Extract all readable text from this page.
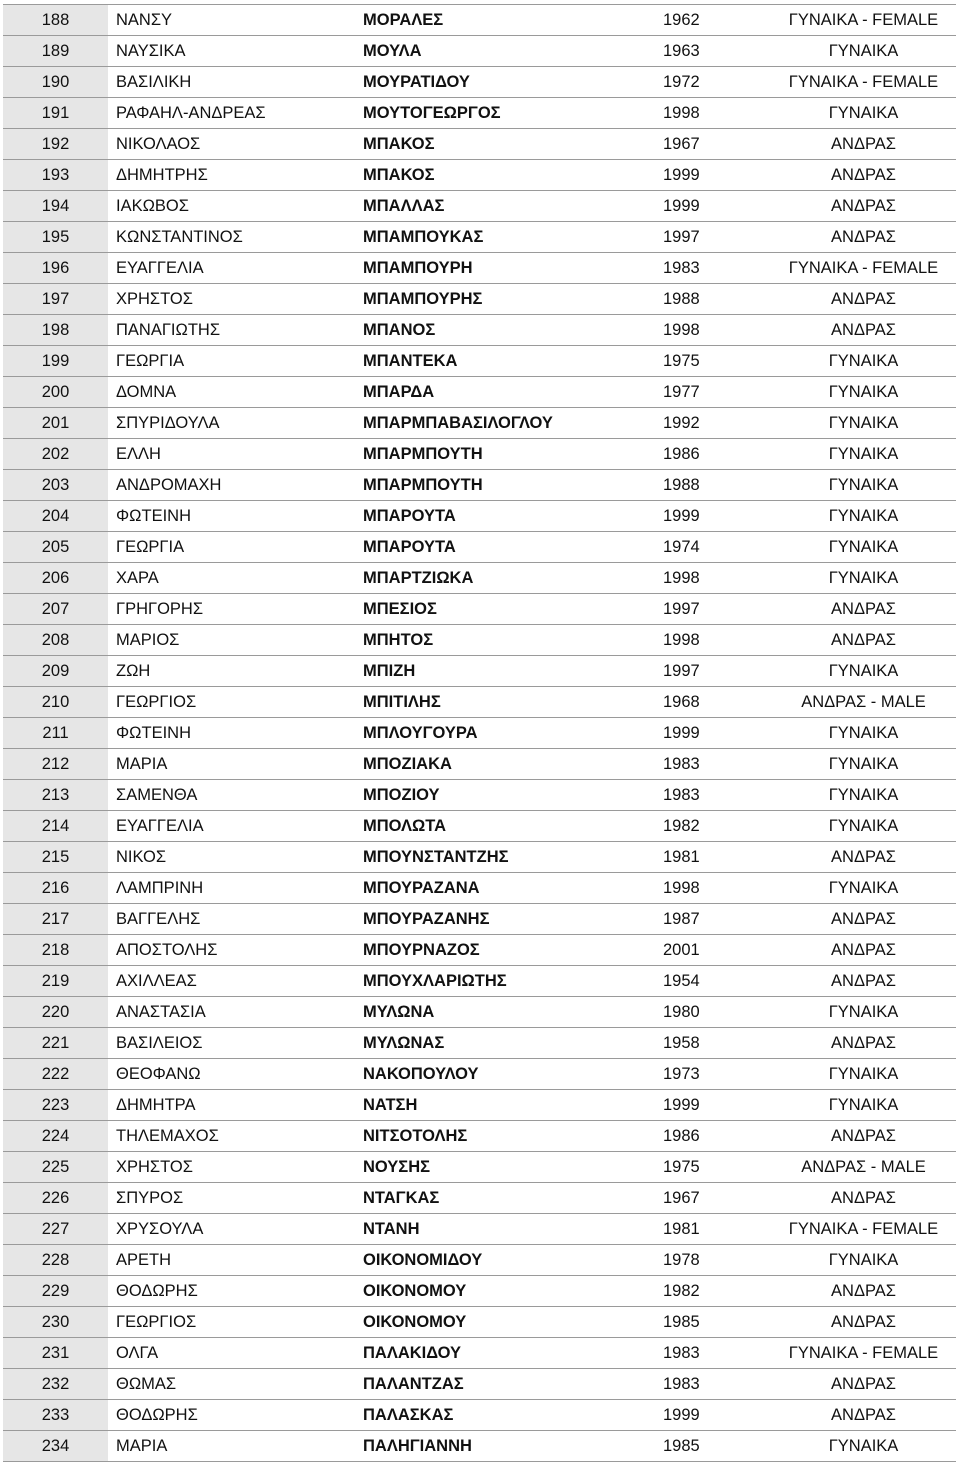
188	ΝΑΝΣΥ	ΜΟΡΑΛΕΣ	1962	ΓΥΝΑΙΚΑ - FEMALE
189	ΝΑΥΣΙΚΑ	ΜΟΥΛΑ	1963	ΓΥΝΑΙΚΑ
190	ΒΑΣΙΛΙΚΗ	ΜΟΥΡΑΤΙΔΟΥ	1972	ΓΥΝΑΙΚΑ - FEMALE
191	ΡΑΦΑΗΛ-ΑΝΔΡΕΑΣ	ΜΟΥΤΟΓΕΩΡΓΟΣ	1998	ΓΥΝΑΙΚΑ
192	ΝΙΚΟΛΑΟΣ	ΜΠΑΚΟΣ	1967	ΑΝΔΡΑΣ
193	ΔΗΜΗΤΡΗΣ	ΜΠΑΚΟΣ	1999	ΑΝΔΡΑΣ
194	ΙΑΚΩΒΟΣ	ΜΠΑΛΛΑΣ	1999	ΑΝΔΡΑΣ
195	ΚΩΝΣΤΑΝΤΙΝΟΣ	ΜΠΑΜΠΟΥΚΑΣ	1997	ΑΝΔΡΑΣ
196	ΕΥΑΓΓΕΛΙΑ	ΜΠΑΜΠΟΥΡΗ	1983	ΓΥΝΑΙΚΑ - FEMALE
197	ΧΡΗΣΤΟΣ	ΜΠΑΜΠΟΥΡΗΣ	1988	ΑΝΔΡΑΣ
198	ΠΑΝΑΓΙΩΤΗΣ	ΜΠΑΝΟΣ	1998	ΑΝΔΡΑΣ
199	ΓΕΩΡΓΙΑ	ΜΠΑΝΤΕΚΑ	1975	ΓΥΝΑΙΚΑ
200	ΔΟΜΝΑ	ΜΠΑΡΔΑ	1977	ΓΥΝΑΙΚΑ
201	ΣΠΥΡΙΔΟΥΛΑ	ΜΠΑΡΜΠΑΒΑΣΙΛΟΓΛΟΥ	1992	ΓΥΝΑΙΚΑ
202	ΕΛΛΗ	ΜΠΑΡΜΠΟΥΤΗ	1986	ΓΥΝΑΙΚΑ
203	ΑΝΔΡΟΜΑΧΗ	ΜΠΑΡΜΠΟΥΤΗ	1988	ΓΥΝΑΙΚΑ
204	ΦΩΤΕΙΝΗ	ΜΠΑΡΟΥΤΑ	1999	ΓΥΝΑΙΚΑ
205	ΓΕΩΡΓΙΑ	ΜΠΑΡΟΥΤΑ	1974	ΓΥΝΑΙΚΑ
206	ΧΑΡΑ	ΜΠΑΡΤΖΙΩΚΑ	1998	ΓΥΝΑΙΚΑ
207	ΓΡΗΓΟΡΗΣ	ΜΠΕΣΙΟΣ	1997	ΑΝΔΡΑΣ
208	ΜΑΡΙΟΣ	ΜΠΗΤΟΣ	1998	ΑΝΔΡΑΣ
209	ΖΩΗ	ΜΠΙΖΗ	1997	ΓΥΝΑΙΚΑ
210	ΓΕΩΡΓΙΟΣ	ΜΠΙΤΙΛΗΣ	1968	ΑΝΔΡΑΣ - MALE
211	ΦΩΤΕΙΝΗ	ΜΠΛΟΥΓΟΥΡΑ	1999	ΓΥΝΑΙΚΑ
212	ΜΑΡΙΑ	ΜΠΟΖΙΑΚΑ	1983	ΓΥΝΑΙΚΑ
213	ΣΑΜΕΝΘΑ	ΜΠΟΖΙΟΥ	1983	ΓΥΝΑΙΚΑ
214	ΕΥΑΓΓΕΛΙΑ	ΜΠΟΛΩΤΑ	1982	ΓΥΝΑΙΚΑ
215	ΝΙΚΟΣ	ΜΠΟΥΝΣΤΑΝΤΖΗΣ	1981	ΑΝΔΡΑΣ
216	ΛΑΜΠΡΙΝΗ	ΜΠΟΥΡΑΖΑΝΑ	1998	ΓΥΝΑΙΚΑ
217	ΒΑΓΓΕΛΗΣ	ΜΠΟΥΡΑΖΑΝΗΣ	1987	ΑΝΔΡΑΣ
218	ΑΠΟΣΤΟΛΗΣ	ΜΠΟΥΡΝΑΖΟΣ	2001	ΑΝΔΡΑΣ
219	ΑΧΙΛΛΕΑΣ	ΜΠΟΥΧΛΑΡΙΩΤΗΣ	1954	ΑΝΔΡΑΣ
220	ΑΝΑΣΤΑΣΙΑ	ΜΥΛΩΝΑ	1980	ΓΥΝΑΙΚΑ
221	ΒΑΣΙΛΕΙΟΣ	ΜΥΛΩΝΑΣ	1958	ΑΝΔΡΑΣ
222	ΘΕΟΦΑΝΩ	ΝΑΚΟΠΟΥΛΟΥ	1973	ΓΥΝΑΙΚΑ
223	ΔΗΜΗΤΡΑ	ΝΑΤΣΗ	1999	ΓΥΝΑΙΚΑ
224	ΤΗΛΕΜΑΧΟΣ	ΝΙΤΣΟΤΟΛΗΣ	1986	ΑΝΔΡΑΣ
225	ΧΡΗΣΤΟΣ	ΝΟΥΣΗΣ	1975	ΑΝΔΡΑΣ - MALE
226	ΣΠΥΡΟΣ	ΝΤΑΓΚΑΣ	1967	ΑΝΔΡΑΣ
227	ΧΡΥΣΟΥΛΑ	ΝΤΑΝΗ	1981	ΓΥΝΑΙΚΑ - FEMALE
228	ΑΡΕΤΗ	ΟΙΚΟΝΟΜΙΔΟΥ	1978	ΓΥΝΑΙΚΑ
229	ΘΟΔΩΡΗΣ	ΟΙΚΟΝΟΜΟΥ	1982	ΑΝΔΡΑΣ
230	ΓΕΩΡΓΙΟΣ	ΟΙΚΟΝΟΜΟΥ	1985	ΑΝΔΡΑΣ
231	ΟΛΓΑ	ΠΑΛΑΚΙΔΟΥ	1983	ΓΥΝΑΙΚΑ - FEMALE
232	ΘΩΜΑΣ	ΠΑΛΑΝΤΖΑΣ	1983	ΑΝΔΡΑΣ
233	ΘΟΔΩΡΗΣ	ΠΑΛΑΣΚΑΣ	1999	ΑΝΔΡΑΣ
234	ΜΑΡΙΑ	ΠΑΛΗΓΙΑΝΝΗ	1985	ΓΥΝΑΙΚΑ
